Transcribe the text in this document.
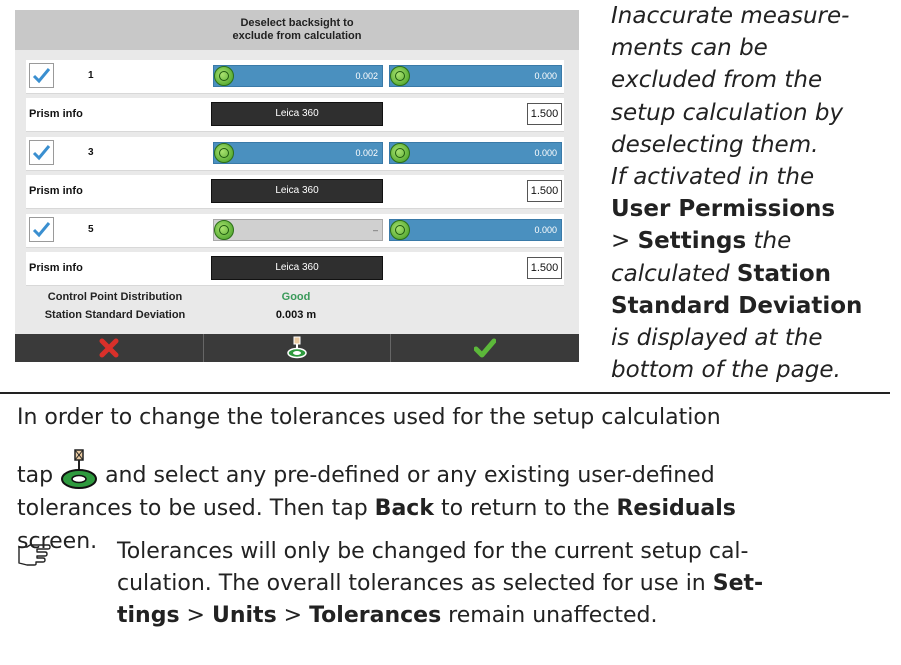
Deselect backsight to
exclude from calculation
1	0.002	0.000
Prism info	Leica 360	1.500
3	0.002	0.000
Prism info	Leica 360	1.500
5	–	0.000
Prism info	Leica 360	1.500
Control Point Distribution	Good
Station Standard Deviation	0.003 m
Inaccurate measure-
ments can be
excluded from the
setup calculation by
deselecting them.
If activated in the
User Permissions
> Settings the
calculated Station
Standard Deviation
is displayed at the
bottom of the page.
In order to change the tolerances used for the setup calculation
tap
and select any pre-defined or any existing user-defined
tolerances to be used. Then tap Back to return to the Residuals
screen. Tolerances will only be changed for the current setup cal-
culation. The overall tolerances as selected for use in Set-
tings > Units > Tolerances remain unaffected.
